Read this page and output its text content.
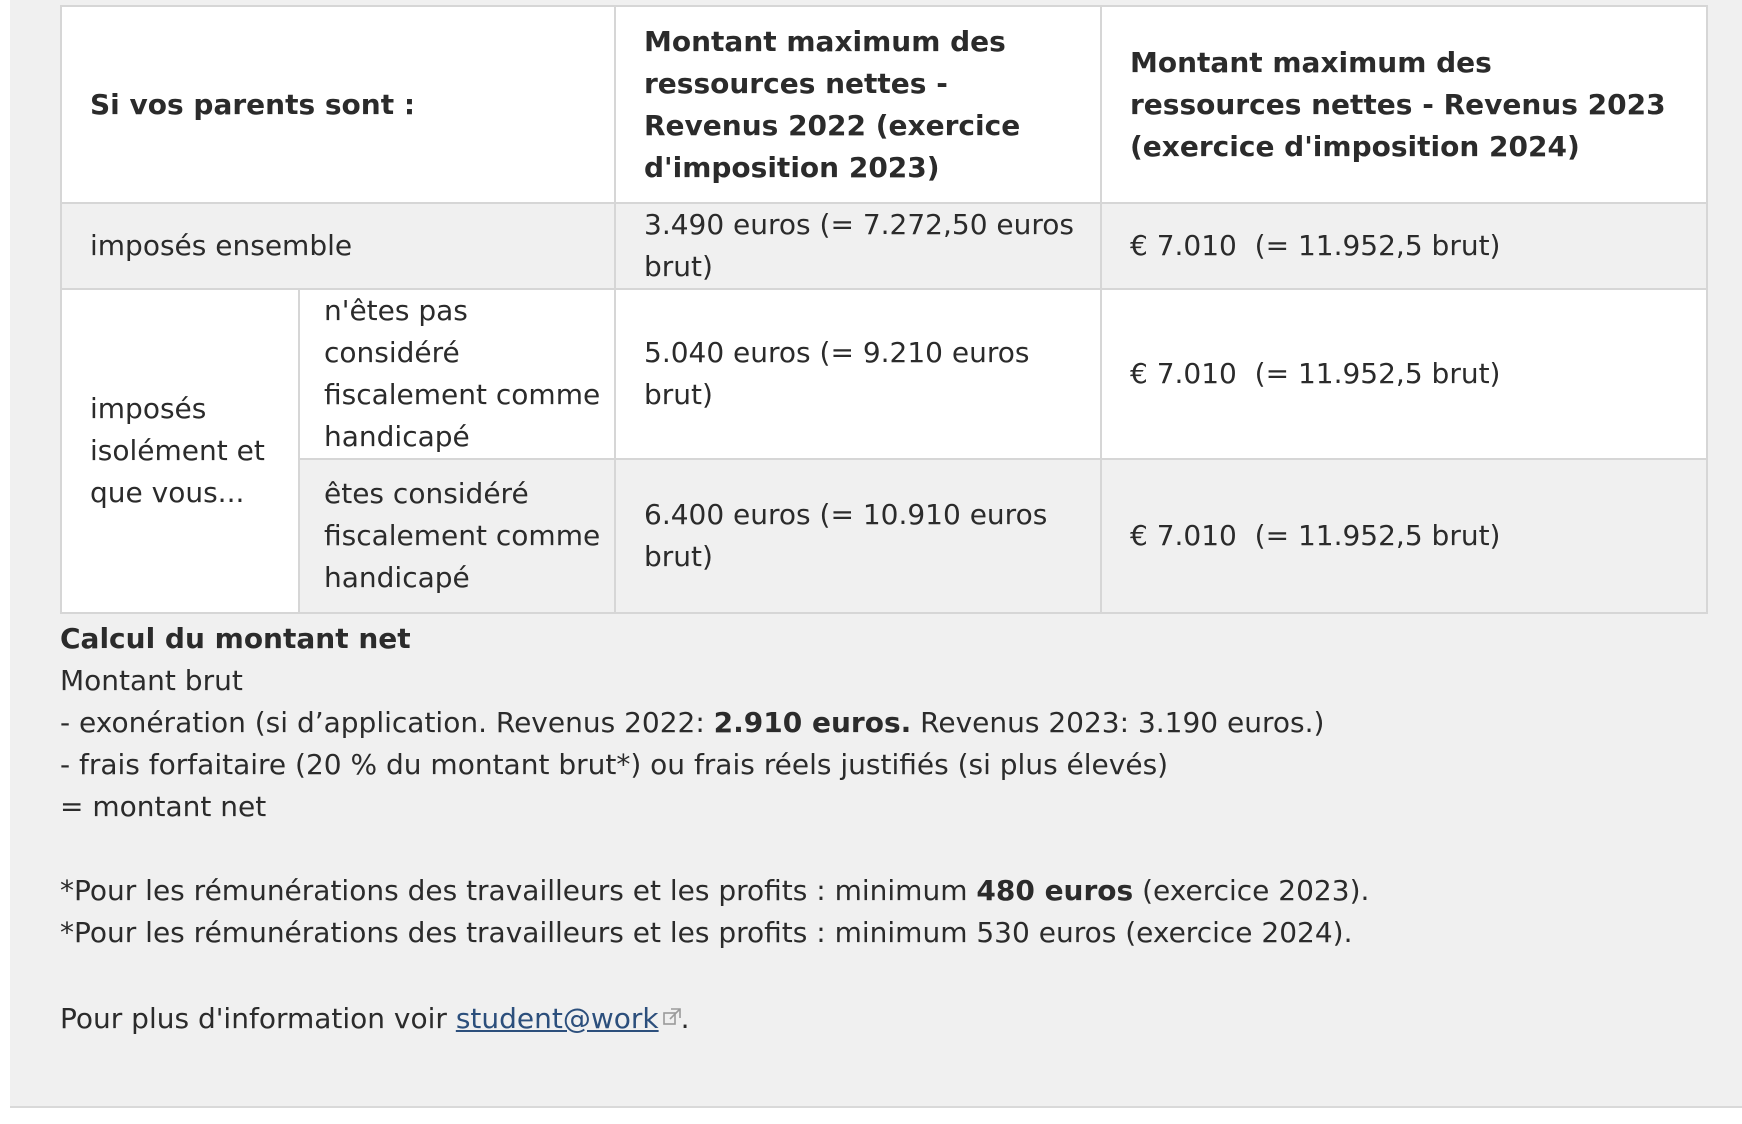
Si vos parents sont :		Montant maximum des ressources nettes - Revenus 2022 (exercice d'imposition 2023)	Montant maximum des ressources nettes - Revenus 2023 (exercice d'imposition 2024)
imposés ensemble		3.490 euros (= 7.272,50 euros brut)	€ 7.010  (= 11.952,5 brut)
imposés isolément et que vous...	n'êtes pas considéré fiscalement comme handicapé	5.040 euros (= 9.210 euros brut)	€ 7.010  (= 11.952,5 brut)
	êtes considéré fiscalement comme handicapé	6.400 euros (= 10.910 euros brut)	€ 7.010  (= 11.952,5 brut)

Calcul du montant net

Montant brut

- exonération (si d’application. Revenus 2022: 2.910 euros. Revenus 2023: 3.190 euros.)

- frais forfaitaire (20 % du montant brut*) ou frais réels justifiés (si plus élevés)

= montant net

*Pour les rémunérations des travailleurs et les profits : minimum 480 euros (exercice 2023).

*Pour les rémunérations des travailleurs et les profits : minimum 530 euros (exercice 2024).

Pour plus d'information voir student@work .
